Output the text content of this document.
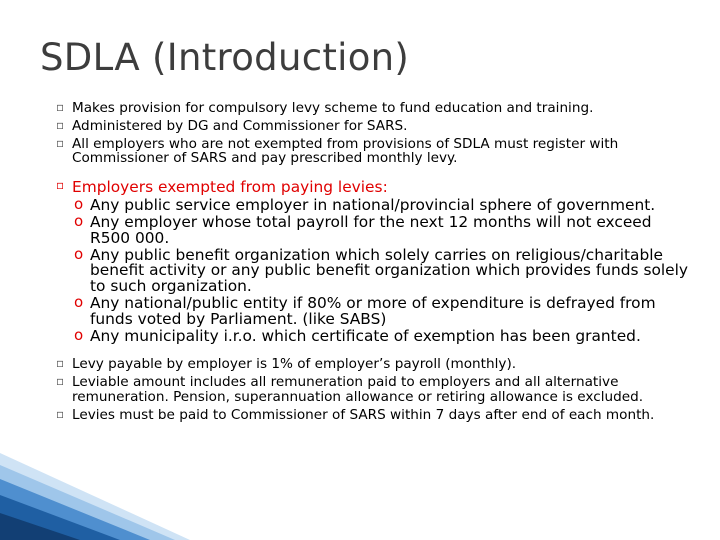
SDLA (Introduction)
▫ Makes provision for compulsory levy scheme to fund education and training.
▫ Administered by DG and Commissioner for SARS.
▫ All employers who are not exempted from provisions of SDLA must register with Commissioner of SARS and pay prescribed monthly levy.
▫ Employers exempted from paying levies:
o Any public service employer in national/provincial sphere of government.
o Any employer whose total payroll for the next 12 months will not exceed R500 000.
o Any public benefit organization which solely carries on religious/charitable benefit activity or any public benefit organization which provides funds solely to such organization.
o Any national/public entity if 80% or more of expenditure is defrayed from funds voted by Parliament. (like SABS)
o Any municipality i.r.o. which certificate of exemption has been granted.
▫ Levy payable by employer is 1% of employer’s payroll (monthly).
▫ Leviable amount includes all remuneration paid to employers and all alternative remuneration. Pension, superannuation allowance or retiring allowance is excluded.
▫ Levies must be paid to Commissioner of SARS within 7 days after end of each month.
